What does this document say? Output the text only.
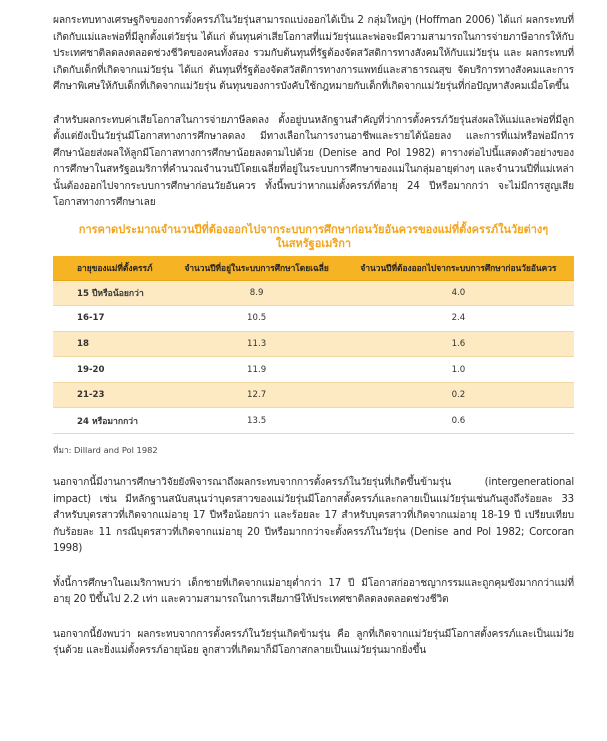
ผลกระทบทางเศรษฐกิจของการตั้งครรภ์ในวัยรุ่นสามารถแบ่งออกได้เป็น 2 กลุ่มใหญ่ๆ (Hoffman 2006) ได้แก่ ผลกระทบที่เกิดกับแม่และพ่อที่มีลูกตั้งแต่วัยรุ่น ได้แก่ ต้นทุนค่าเสียโอกาสที่แม่วัยรุ่นและพ่อจะมีความสามารถในการจ่ายภาษีอากรให้กับประเทศชาติลดลงตลอดช่วงชีวิตของคนทั้งสอง รวมกับต้นทุนที่รัฐต้องจัดสวัสดิการทางสังคมให้กับแม่วัยรุ่น และ ผลกระทบที่เกิดกับเด็กที่เกิดจากแม่วัยรุ่น ได้แก่ ต้นทุนที่รัฐต้องจัดสวัสดิการทางการแพทย์และสาธารณสุข จัดบริการทางสังคมและการศึกษาพิเศษให้กับเด็กที่เกิดจากแม่วัยรุ่น ต้นทุนของการบังคับใช้กฎหมายกับเด็กที่เกิดจากแม่วัยรุ่นที่ก่อปัญหาสังคมเมื่อโตขึ้น

สำหรับผลกระทบค่าเสียโอกาสในการจ่ายภาษีลดลง ตั้งอยู่บนหลักฐานสำคัญที่ว่าการตั้งครรภ์วัยรุ่นส่งผลให้แม่และพ่อที่มีลูกตั้งแต่ยังเป็นวัยรุ่นมีโอกาสทางการศึกษาลดลง มีทางเลือกในการงานอาชีพและรายได้น้อยลง และการที่แม่หรือพ่อมีการศึกษาน้อยส่งผลให้ลูกมีโอกาสทางการศึกษาน้อยลงตามไปด้วย (Denise and Pol 1982) ตารางต่อไปนี้แสดงตัวอย่างของการศึกษาในสหรัฐอเมริกาที่คำนวณจำนวนปีโดยเฉลี่ยที่อยู่ในระบบการศึกษาของแม่ในกลุ่มอายุต่างๆ และจำนวนปีที่แม่เหล่านั้นต้องออกไปจากระบบการศึกษาก่อนวัยอันควร ทั้งนี้พบว่าหากแม่ตั้งครรภ์ที่อายุ 24 ปีหรือมากกว่า จะไม่มีการสูญเสียโอกาสทางการศึกษาเลย

การคาดประมาณจำนวนปีที่ต้องออกไปจากระบบการศึกษาก่อนวัยอันควรของแม่ที่ตั้งครรภ์ในวัยต่างๆ ในสหรัฐอเมริกา
อายุของแม่ที่ตั้งครรภ์	จำนวนปีที่อยู่ในระบบการศึกษาโดยเฉลี่ย	จำนวนปีที่ต้องออกไปจากระบบการศึกษาก่อนวัยอันควร
15 ปีหรือน้อยกว่า	8.9	4.0
16-17	10.5	2.4
18	11.3	1.6
19-20	11.9	1.0
21-23	12.7	0.2
24 หรือมากกว่า	13.5	0.6
ที่มา: Dillard and Pol 1982

นอกจากนี้มีงานการศึกษาวิจัยยังพิจารณาถึงผลกระทบจากการตั้งครรภ์ในวัยรุ่นที่เกิดขึ้นข้ามรุ่น (intergenerational impact) เช่น มีหลักฐานสนับสนุนว่าบุตรสาวของแม่วัยรุ่นมีโอกาสตั้งครรภ์และกลายเป็นแม่วัยรุ่นเช่นกันสูงถึงร้อยละ 33 สำหรับบุตรสาวที่เกิดจากแม่อายุ 17 ปีหรือน้อยกว่า และร้อยละ 17 สำหรับบุตรสาวที่เกิดจากแม่อายุ 18-19 ปี เปรียบเทียบกับร้อยละ 11 กรณีบุตรสาวที่เกิดจากแม่อายุ 20 ปีหรือมากกว่าจะตั้งครรภ์ในวัยรุ่น (Denise and Pol 1982; Corcoran 1998)

ทั้งนี้การศึกษาในอเมริกาพบว่า เด็กชายที่เกิดจากแม่อายุต่ำกว่า 17 ปี มีโอกาสก่ออาชญากรรมและถูกคุมขังมากกว่าแม่ที่อายุ 20 ปีขึ้นไป 2.2 เท่า และความสามารถในการเสียภาษีให้ประเทศชาติลดลงตลอดช่วงชีวิต

นอกจากนี้ยังพบว่า ผลกระทบจากการตั้งครรภ์ในวัยรุ่นเกิดข้ามรุ่น คือ ลูกที่เกิดจากแม่วัยรุ่นมีโอกาสตั้งครรภ์และเป็นแม่วัยรุ่นด้วย และยิ่งแม่ตั้งครรภ์อายุน้อย ลูกสาวที่เกิดมาก็มีโอกาสกลายเป็นแม่วัยรุ่นมากยิ่งขึ้น
